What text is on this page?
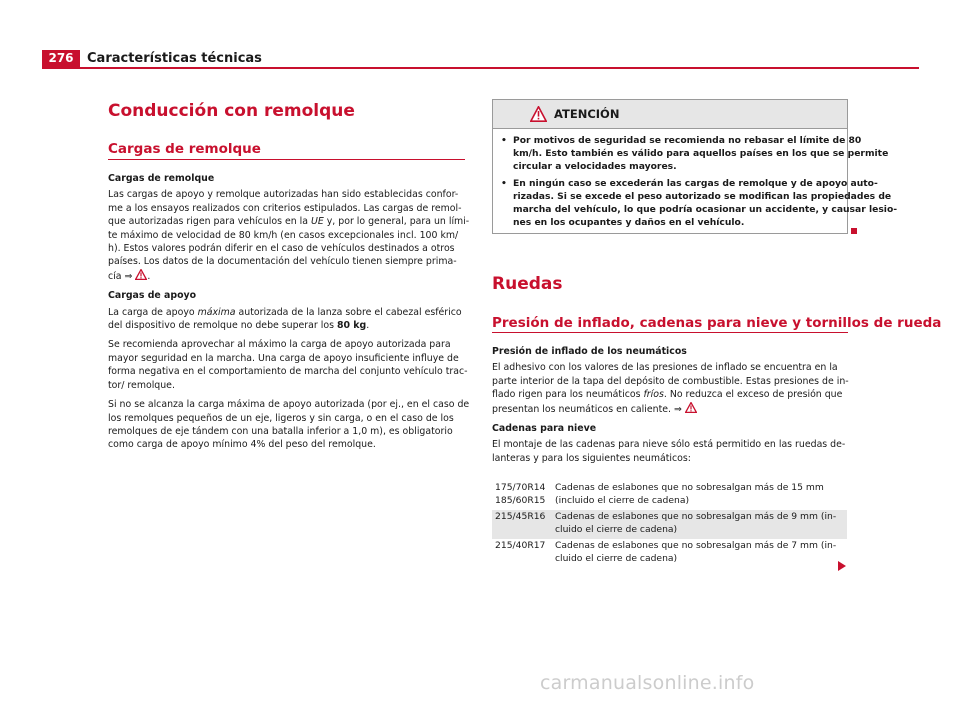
276	Características técnicas
Conducción con remolque
Cargas de remolque
Cargas de remolque

Las cargas de apoyo y remolque autorizadas han sido establecidas confor-
me a los ensayos realizados con criterios estipulados. Las cargas de remol-
que autorizadas rigen para vehículos en la UE y, por lo general, para un lími-
te máximo de velocidad de 80 km/h (en casos excepcionales incl. 100 km/
h). Estos valores podrán diferir en el caso de vehículos destinados a otros
países. Los datos de la documentación del vehículo tienen siempre prima-
cía ⇒ .

Cargas de apoyo

La carga de apoyo máxima autorizada de la lanza sobre el cabezal esférico
del dispositivo de remolque no debe superar los 80 kg.

Se recomienda aprovechar al máximo la carga de apoyo autorizada para
mayor seguridad en la marcha. Una carga de apoyo insuficiente influye de
forma negativa en el comportamiento de marcha del conjunto vehículo trac-
tor/ remolque.

Si no se alcanza la carga máxima de apoyo autorizada (por ej., en el caso de
los remolques pequeños de un eje, ligeros y sin carga, o en el caso de los
remolques de eje tándem con una batalla inferior a 1,0 m), es obligatorio
como carga de apoyo mínimo 4% del peso del remolque.

ATENCIÓN
• Por motivos de seguridad se recomienda no rebasar el límite de 80
km/h. Esto también es válido para aquellos países en los que se permite
circular a velocidades mayores.
• En ningún caso se excederán las cargas de remolque y de apoyo auto-
rizadas. Si se excede el peso autorizado se modifican las propiedades de
marcha del vehículo, lo que podría ocasionar un accidente, y causar lesio-
nes en los ocupantes y daños en el vehículo.
Ruedas
Presión de inflado, cadenas para nieve y tornillos de rueda
Presión de inflado de los neumáticos

El adhesivo con los valores de las presiones de inflado se encuentra en la
parte interior de la tapa del depósito de combustible. Estas presiones de in-
flado rigen para los neumáticos fríos. No reduzca el exceso de presión que
presentan los neumáticos en caliente. ⇒

Cadenas para nieve

El montaje de las cadenas para nieve sólo está permitido en las ruedas de-
lanteras y para los siguientes neumáticos:

175/70R14
185/60R15	Cadenas de eslabones que no sobresalgan más de 15 mm
(incluido el cierre de cadena)

215/45R16	Cadenas de eslabones que no sobresalgan más de 9 mm (in-
cluido el cierre de cadena)

215/40R17	Cadenas de eslabones que no sobresalgan más de 7 mm (in-
cluido el cierre de cadena)
carmanualsonline.info
